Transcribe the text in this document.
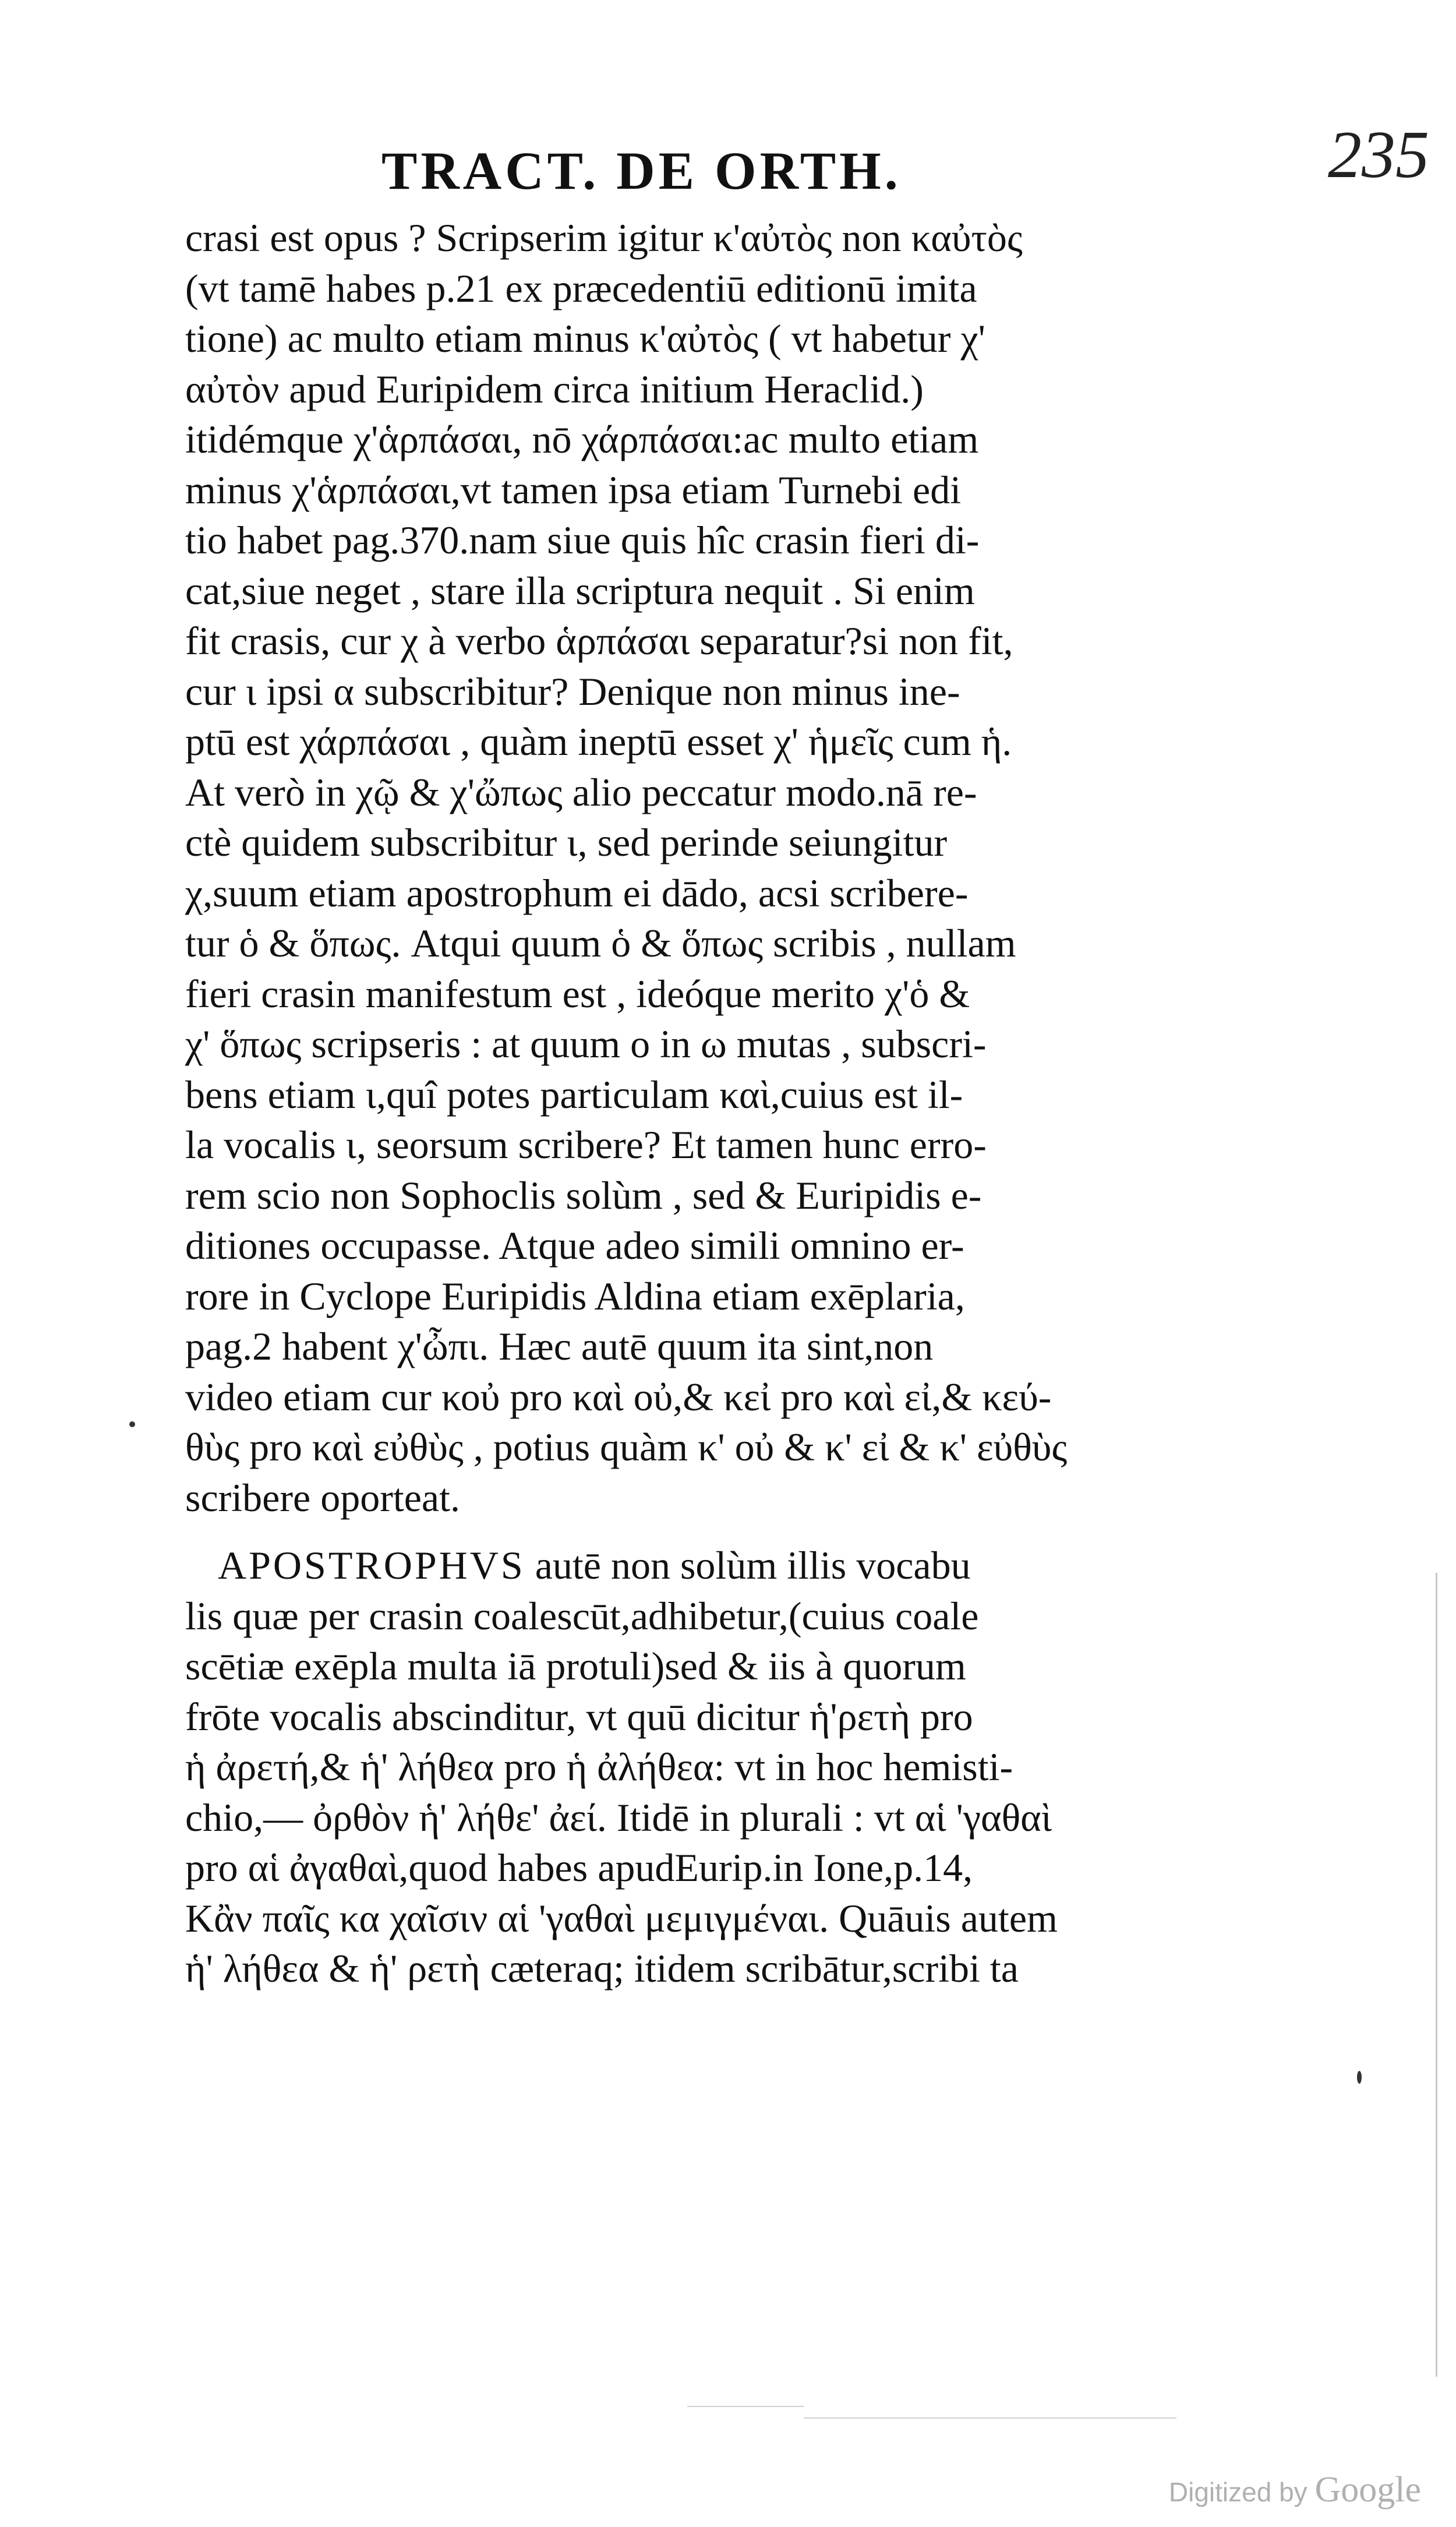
TRACT. DE ORTH.	235
crasi est opus ? Scripserim igitur κ'αὐτὸς non καὐτὸς
(vt tamē habes p.21 ex præcedentiū editionū imita
tione) ac multo etiam minus κ'αὐτὸς ( vt habetur χ'
αὐτὸν apud Euripidem circa initium Heraclid.)
itidémque χ'ἁρπάσαι, nō χάρπάσαι:ac multo etiam
minus χ'ἁρπάσαι,vt tamen ipsa etiam Turnebi edi
tio habet pag.370.nam siue quis hîc crasin fieri di-
cat,siue neget , stare illa scriptura nequit . Si enim
fit crasis, cur χ à verbo ἁρπάσαι separatur?si non fit,
cur ι ipsi α subscribitur? Denique non minus ine-
ptū est χάρπάσαι , quàm ineptū esset χ' ἡμεῖς cum ἡ.
At verò in χῷ & χ'ὤπως alio peccatur modo.nā re-
ctè quidem subscribitur ι, sed perinde seiungitur
χ,suum etiam apostrophum ei dādo, acsi scribere-
tur ὁ & ὅπως. Atqui quum ὁ & ὅπως scribis , nullam
fieri crasin manifestum est , ideóque merito χ'ὁ &
χ' ὅπως scripseris : at quum ο in ω mutas , subscri-
bens etiam ι,quî potes particulam καὶ,cuius est il-
la vocalis ι, seorsum scribere? Et tamen hunc erro-
rem scio non Sophoclis solùm , sed & Euripidis e-
ditiones occupasse. Atque adeo simili omnino er-
rore in Cyclope Euripidis Aldina etiam exēplaria,
pag.2 habent χ'ὦπι. Hæc autē quum ita sint,non
video etiam cur κοὐ pro καὶ οὐ,& κεἰ pro καὶ εἰ,& κεύ-
θὺς pro καὶ εὐθὺς , potius quàm κ' οὐ & κ' εἰ & κ' εὐθὺς
scribere oporteat.
APOSTROPHVS autē non solùm illis vocabu
lis quæ per crasin coalescūt,adhibetur,(cuius coale
scētiæ exēpla multa iā protuli)sed & iis à quorum
frōte vocalis abscinditur, vt quū dicitur ἡ'ρετὴ pro
ἡ ἀρετή,& ἡ' λήθεα pro ἡ ἀλήθεα: vt in hoc hemisti-
chio,— ὀρθὸν ἡ' λήθε' ἀεί. Itidē in plurali : vt αἱ 'γαθαὶ
pro αἱ ἀγαθαὶ,quod habes apudEurip.in Ione,p.14,
Κἂν παῖς κα χαῖσιν αἱ 'γαθαὶ μεμιγμέναι. Quāuis autem
ἡ' λήθεα & ἡ' ρετὴ cæteraq; itidem scribātur,scribi ta
Digitized by Google
